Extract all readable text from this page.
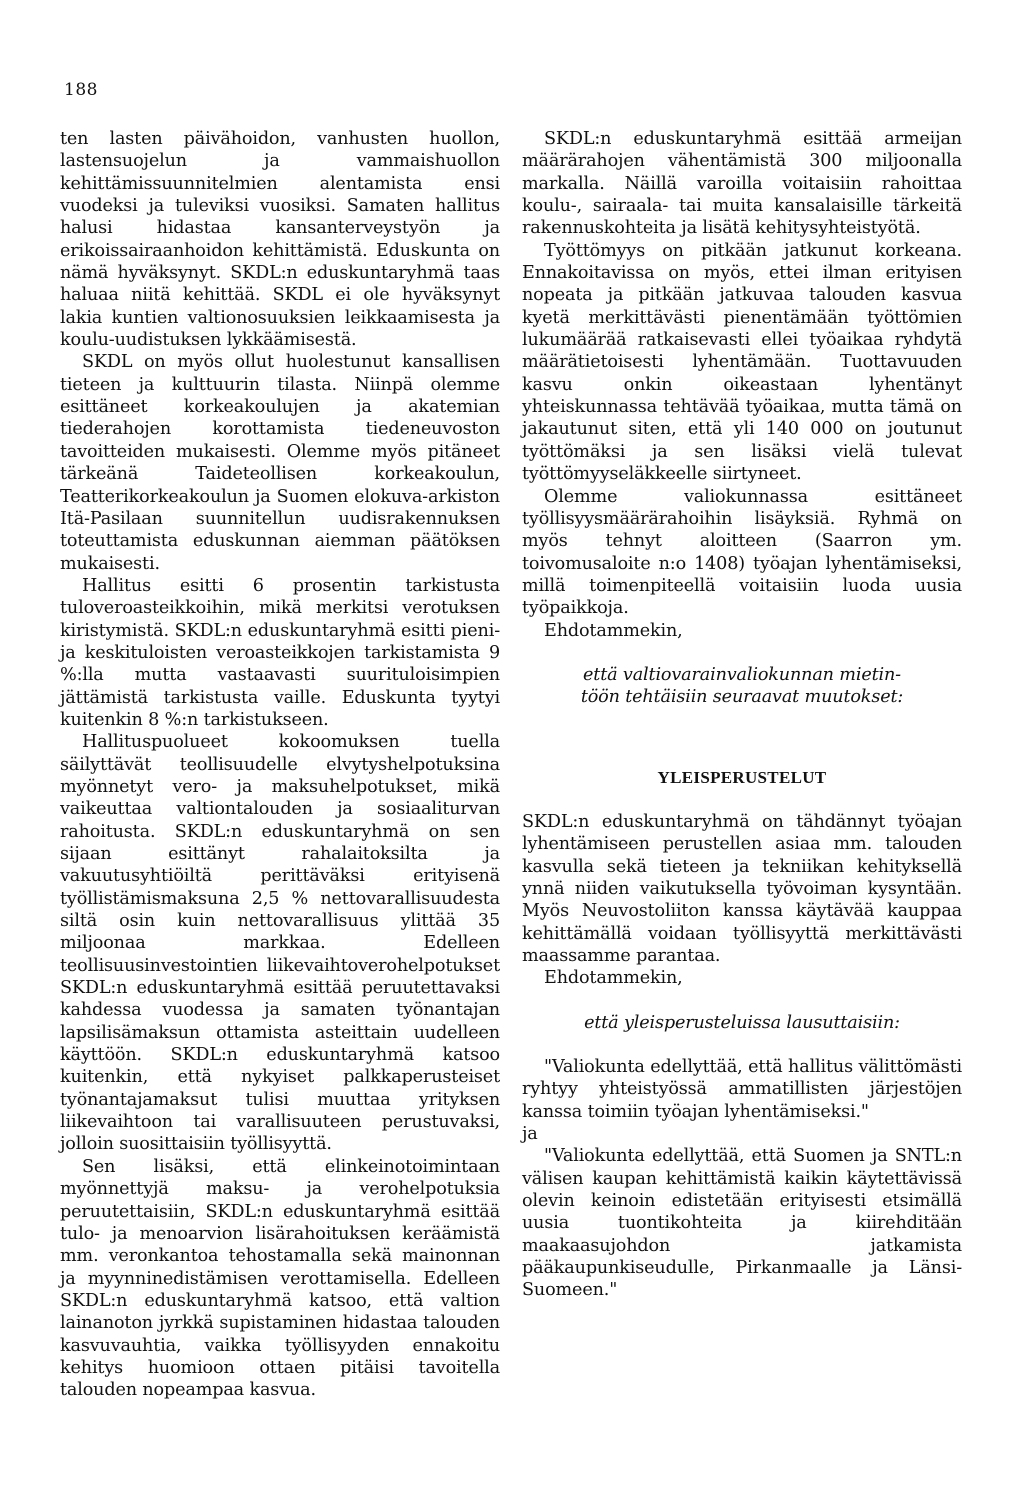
188

ten lasten päivähoidon, vanhusten huollon, lastensuojelun ja vammaishuollon kehittämissuunnitelmien alentamista ensi vuodeksi ja tuleviksi vuosiksi. Samaten hallitus halusi hidastaa kansanterveystyön ja erikoissairaanhoidon kehittämistä. Eduskunta on nämä hyväksynyt. SKDL:n eduskuntaryhmä taas haluaa niitä kehittää. SKDL ei ole hyväksynyt lakia kuntien valtionosuuksien leikkaamisesta ja koulu-uudistuksen lykkäämisestä.

SKDL on myös ollut huolestunut kansallisen tieteen ja kulttuurin tilasta. Niinpä olemme esittäneet korkeakoulujen ja akatemian tiederahojen korottamista tiedeneuvoston tavoitteiden mukaisesti. Olemme myös pitäneet tärkeänä Taideteollisen korkeakoulun, Teatterikorkeakoulun ja Suomen elokuva-arkiston Itä-Pasilaan suunnitellun uudisrakennuksen toteuttamista eduskunnan aiemman päätöksen mukaisesti.

Hallitus esitti 6 prosentin tarkistusta tuloveroasteikkoihin, mikä merkitsi verotuksen kiristymistä. SKDL:n eduskuntaryhmä esitti pieni- ja keskituloisten veroasteikkojen tarkistamista 9 %:lla mutta vastaavasti suurituloisimpien jättämistä tarkistusta vaille. Eduskunta tyytyi kuitenkin 8 %:n tarkistukseen.

Hallituspuolueet kokoomuksen tuella säilyttävät teollisuudelle elvytyshelpotuksina myönnetyt vero- ja maksuhelpotukset, mikä vaikeuttaa valtiontalouden ja sosiaaliturvan rahoitusta. SKDL:n eduskuntaryhmä on sen sijaan esittänyt rahalaitoksilta ja vakuutusyhtiöiltä perittäväksi erityisenä työllistämismaksuna 2,5 % nettovarallisuudesta siltä osin kuin nettovarallisuus ylittää 35 miljoonaa markkaa. Edelleen teollisuusinvestointien liikevaihtoverohelpotukset SKDL:n eduskuntaryhmä esittää peruutettavaksi kahdessa vuodessa ja samaten työnantajan lapsilisämaksun ottamista asteittain uudelleen käyttöön. SKDL:n eduskuntaryhmä katsoo kuitenkin, että nykyiset palkkaperusteiset työnantajamaksut tulisi muuttaa yrityksen liikevaihtoon tai varallisuuteen perustuvaksi, jolloin suosittaisiin työllisyyttä.

Sen lisäksi, että elinkeinotoimintaan myönnettyjä maksu- ja verohelpotuksia peruutettaisiin, SKDL:n eduskuntaryhmä esittää tulo- ja menoarvion lisärahoituksen keräämistä mm. veronkantoa tehostamalla sekä mainonnan ja myynninedistämisen verottamisella. Edelleen SKDL:n eduskuntaryhmä katsoo, että valtion lainanoton jyrkkä supistaminen hidastaa talouden kasvuvauhtia, vaikka työllisyyden ennakoitu kehitys huomioon ottaen pitäisi tavoitella talouden nopeampaa kasvua.

SKDL:n eduskuntaryhmä esittää armeijan määrärahojen vähentämistä 300 miljoonalla markalla. Näillä varoilla voitaisiin rahoittaa koulu-, sairaala- tai muita kansalaisille tärkeitä rakennuskohteita ja lisätä kehitysyhteistyötä.

Työttömyys on pitkään jatkunut korkeana. Ennakoitavissa on myös, ettei ilman erityisen nopeata ja pitkään jatkuvaa talouden kasvua kyetä merkittävästi pienentämään työttömien lukumäärää ratkaisevasti ellei työaikaa ryhdytä määrätietoisesti lyhentämään. Tuottavuuden kasvu onkin oikeastaan lyhentänyt yhteiskunnassa tehtävää työaikaa, mutta tämä on jakautunut siten, että yli 140 000 on joutunut työttömäksi ja sen lisäksi vielä tulevat työttömyyseläkkeelle siirtyneet.

Olemme valiokunnassa esittäneet työllisyysmäärärahoihin lisäyksiä. Ryhmä on myös tehnyt aloitteen (Saarron ym. toivomusaloite n:o 1408) työajan lyhentämiseksi, millä toimenpiteellä voitaisiin luoda uusia työpaikkoja.

Ehdotammekin,

että valtiovarainvaliokunnan mietin-

töön tehtäisiin seuraavat muutokset:

YLEISPERUSTELUT

SKDL:n eduskuntaryhmä on tähdännyt työajan lyhentämiseen perustellen asiaa mm. talouden kasvulla sekä tieteen ja tekniikan kehityksellä ynnä niiden vaikutuksella työvoiman kysyntään. Myös Neuvostoliiton kanssa käytävää kauppaa kehittämällä voidaan työllisyyttä merkittävästi maassamme parantaa.

Ehdotammekin,

että yleisperusteluissa lausuttaisiin:

"Valiokunta edellyttää, että hallitus välittömästi ryhtyy yhteistyössä ammatillisten järjestöjen kanssa toimiin työajan lyhentämiseksi."

ja

"Valiokunta edellyttää, että Suomen ja SNTL:n välisen kaupan kehittämistä kaikin käytettävissä olevin keinoin edistetään erityisesti etsimällä uusia tuontikohteita ja kiirehditään maakaasujohdon jatkamista pääkaupunkiseudulle, Pirkanmaalle ja Länsi-Suomeen."
